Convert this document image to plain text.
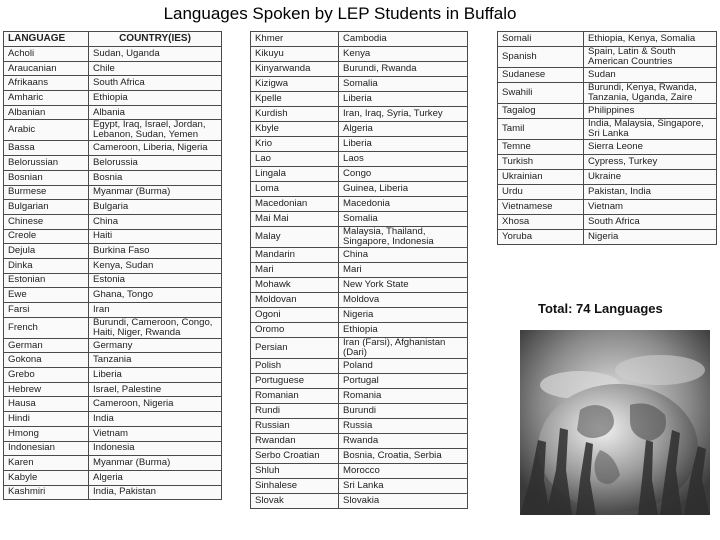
Languages Spoken by LEP Students in Buffalo
LANGUAGE	COUNTRY(IES)
Acholi	Sudan, Uganda
Araucanian	Chile
Afrikaans	South Africa
Amharic	Ethiopia
Albanian	Albania
Arabic	Egypt, Iraq, Israel, Jordan, Lebanon, Sudan, Yemen
Bassa	Cameroon, Liberia, Nigeria
Belorussian	Belorussia
Bosnian	Bosnia
Burmese	Myanmar (Burma)
Bulgarian	Bulgaria
Chinese	China
Creole	Haiti
Dejula	Burkina Faso
Dinka	Kenya, Sudan
Estonian	Estonia
Ewe	Ghana, Tongo
Farsi	Iran
French	Burundi, Cameroon, Congo, Haiti, Niger, Rwanda
German	Germany
Gokona	Tanzania
Grebo	Liberia
Hebrew	Israel, Palestine
Hausa	Cameroon, Nigeria
Hindi	India
Hmong	Vietnam
Indonesian	Indonesia
Karen	Myanmar (Burma)
Kabyle	Algeria
Kashmiri	India, Pakistan
Khmer	Cambodia
Kikuyu	Kenya
Kinyarwanda	Burundi, Rwanda
Kizigwa	Somalia
Kpelle	Liberia
Kurdish	Iran, Iraq, Syria, Turkey
Kbyle	Algeria
Krio	Liberia
Lao	Laos
Lingala	Congo
Loma	Guinea, Liberia
Macedonian	Macedonia
Mai Mai	Somalia
Malay	Malaysia, Thailand, Singapore, Indonesia
Mandarin	China
Mari	Mari
Mohawk	New York State
Moldovan	Moldova
Ogoni	Nigeria
Oromo	Ethiopia
Persian	Iran (Farsi), Afghanistan (Dari)
Polish	Poland
Portuguese	Portugal
Romanian	Romania
Rundi	Burundi
Russian	Russia
Rwandan	Rwanda
Serbo Croatian	Bosnia, Croatia, Serbia
Shluh	Morocco
Sinhalese	Sri Lanka
Slovak	Slovakia
Somali	Ethiopia, Kenya, Somalia
Spanish	Spain, Latin & South American Countries
Sudanese	Sudan
Swahili	Burundi, Kenya, Rwanda, Tanzania, Uganda, Zaire
Tagalog	Philippines
Tamil	India, Malaysia, Singapore, Sri Lanka
Temne	Sierra Leone
Turkish	Cypress, Turkey
Ukrainian	Ukraine
Urdu	Pakistan, India
Vietnamese	Vietnam
Xhosa	South Africa
Yoruba	Nigeria
Total: 74 Languages
